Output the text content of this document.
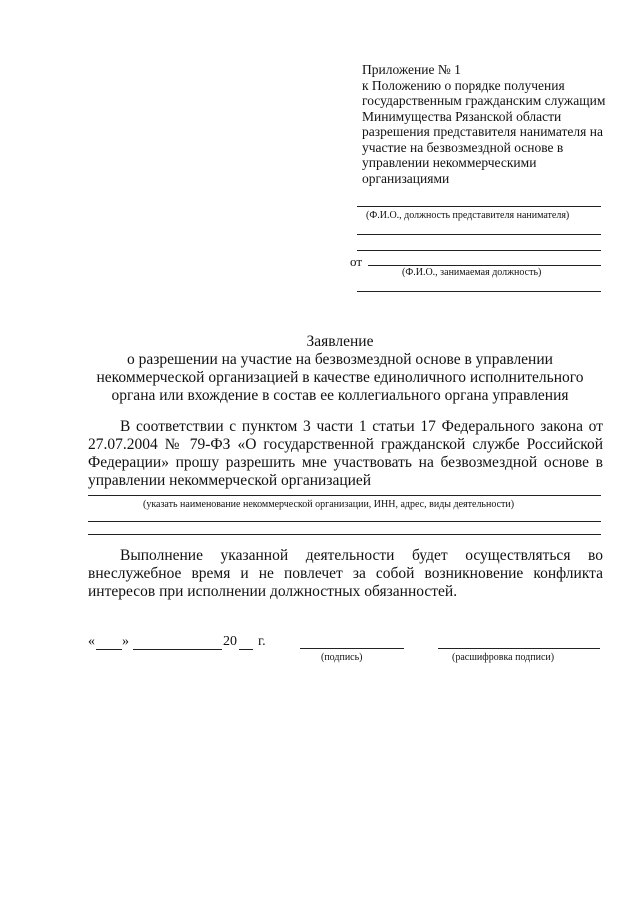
Приложение № 1
к Положению о порядке получения
государственным гражданским служащим
Минимущества Рязанской области
разрешения представителя нанимателя на
участие на безвозмездной основе в
управлении некоммерческими
организациями
(Ф.И.О., должность представителя нанимателя)
от
(Ф.И.О., занимаемая должность)
Заявление
о разрешении на участие на безвозмездной основе в управлении
некоммерческой организацией в качестве единоличного исполнительного
органа или вхождение в состав ее коллегиального органа управления
В соответствии с пунктом 3 части 1 статьи 17 Федерального закона от
27.07.2004 № 79-ФЗ «О государственной гражданской службе Российской
Федерации» прошу разрешить мне участвовать на безвозмездной основе в
управлении некоммерческой организацией
(указать наименование некоммерческой организации, ИНН, адрес, виды деятельности)
Выполнение указанной деятельности будет осуществляться во
внеслужебное время и не повлечет за собой возникновение конфликта
интересов при исполнении должностных обязанностей.
« »	20 г.
(подпись)	(расшифровка подписи)
